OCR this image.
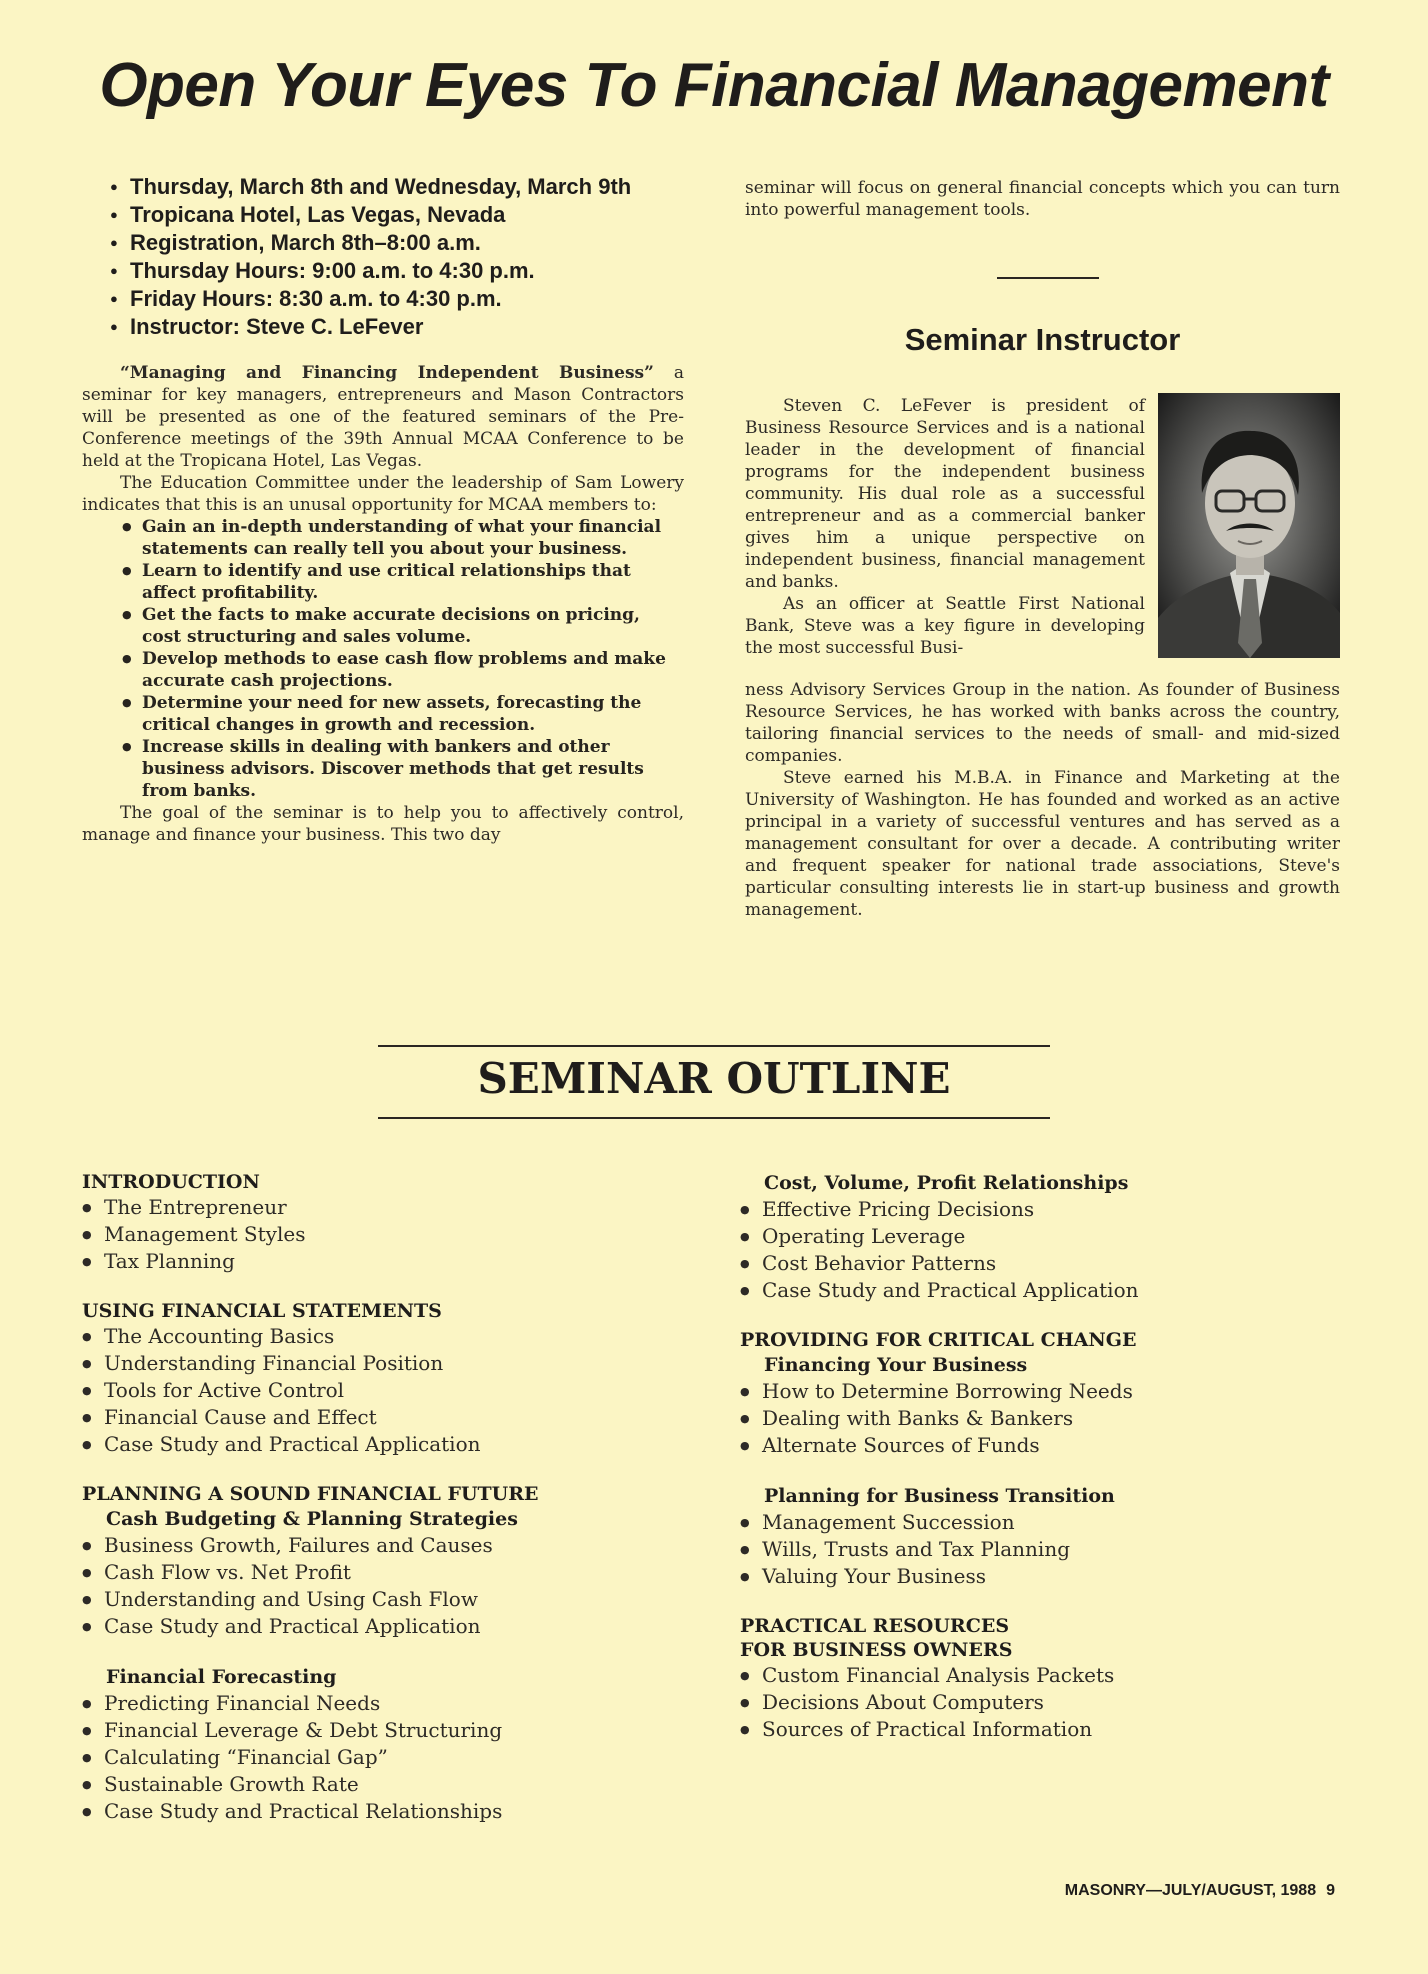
Open Your Eyes To Financial Management
● Thursday, March 8th and Wednesday, March 9th
● Tropicana Hotel, Las Vegas, Nevada
● Registration, March 8th–8:00 a.m.
● Thursday Hours: 9:00 a.m. to 4:30 p.m.
● Friday Hours: 8:30 a.m. to 4:30 p.m.
● Instructor: Steve C. LeFever

“Managing and Financing Independent Business” a seminar for key managers, entrepreneurs and Mason Contractors will be presented as one of the featured seminars of the Pre-Conference meetings of the 39th Annual MCAA Conference to be held at the Tropicana Hotel, Las Vegas.

The Education Committee under the leadership of Sam Lowery indicates that this is an unusal opportunity for MCAA members to:

● Gain an in-depth understanding of what your financial statements can really tell you about your business.
● Learn to identify and use critical relationships that affect profitability.
● Get the facts to make accurate decisions on pricing, cost structuring and sales volume.
● Develop methods to ease cash flow problems and make accurate cash projections.
● Determine your need for new assets, forecasting the critical changes in growth and recession.
● Increase skills in dealing with bankers and other business advisors. Discover methods that get results from banks.

The goal of the seminar is to help you to affectively control, manage and finance your business. This two day

seminar will focus on general financial concepts which you can turn into powerful management tools.

Seminar Instructor

Steven C. LeFever is president of Business Resource Services and is a national leader in the development of financial programs for the independent business community. His dual role as a successful entrepreneur and as a commercial banker gives him a unique perspective on independent business, financial management and banks.

As an officer at Seattle First National Bank, Steve was a key figure in developing the most successful Busi-

ness Advisory Services Group in the nation. As founder of Business Resource Services, he has worked with banks across the country, tailoring financial services to the needs of small- and mid-sized companies.

Steve earned his M.B.A. in Finance and Marketing at the University of Washington. He has founded and worked as an active principal in a variety of successful ventures and has served as a management consultant for over a decade. A contributing writer and frequent speaker for national trade associations, Steve's particular consulting interests lie in start-up business and growth management.

SEMINAR OUTLINE

INTRODUCTION

● The Entrepreneur
● Management Styles
● Tax Planning

USING FINANCIAL STATEMENTS

● The Accounting Basics
● Understanding Financial Position
● Tools for Active Control
● Financial Cause and Effect
● Case Study and Practical Application

PLANNING A SOUND FINANCIAL FUTURE

Cash Budgeting & Planning Strategies

● Business Growth, Failures and Causes
● Cash Flow vs. Net Profit
● Understanding and Using Cash Flow
● Case Study and Practical Application

Financial Forecasting

● Predicting Financial Needs
● Financial Leverage & Debt Structuring
● Calculating “Financial Gap”
● Sustainable Growth Rate
● Case Study and Practical Relationships

Cost, Volume, Profit Relationships

● Effective Pricing Decisions
● Operating Leverage
● Cost Behavior Patterns
● Case Study and Practical Application

PROVIDING FOR CRITICAL CHANGE

Financing Your Business

● How to Determine Borrowing Needs
● Dealing with Banks & Bankers
● Alternate Sources of Funds

Planning for Business Transition

● Management Succession
● Wills, Trusts and Tax Planning
● Valuing Your Business

PRACTICAL RESOURCES

FOR BUSINESS OWNERS

● Custom Financial Analysis Packets
● Decisions About Computers
● Sources of Practical Information

MASONRY—JULY/AUGUST, 1988 9
